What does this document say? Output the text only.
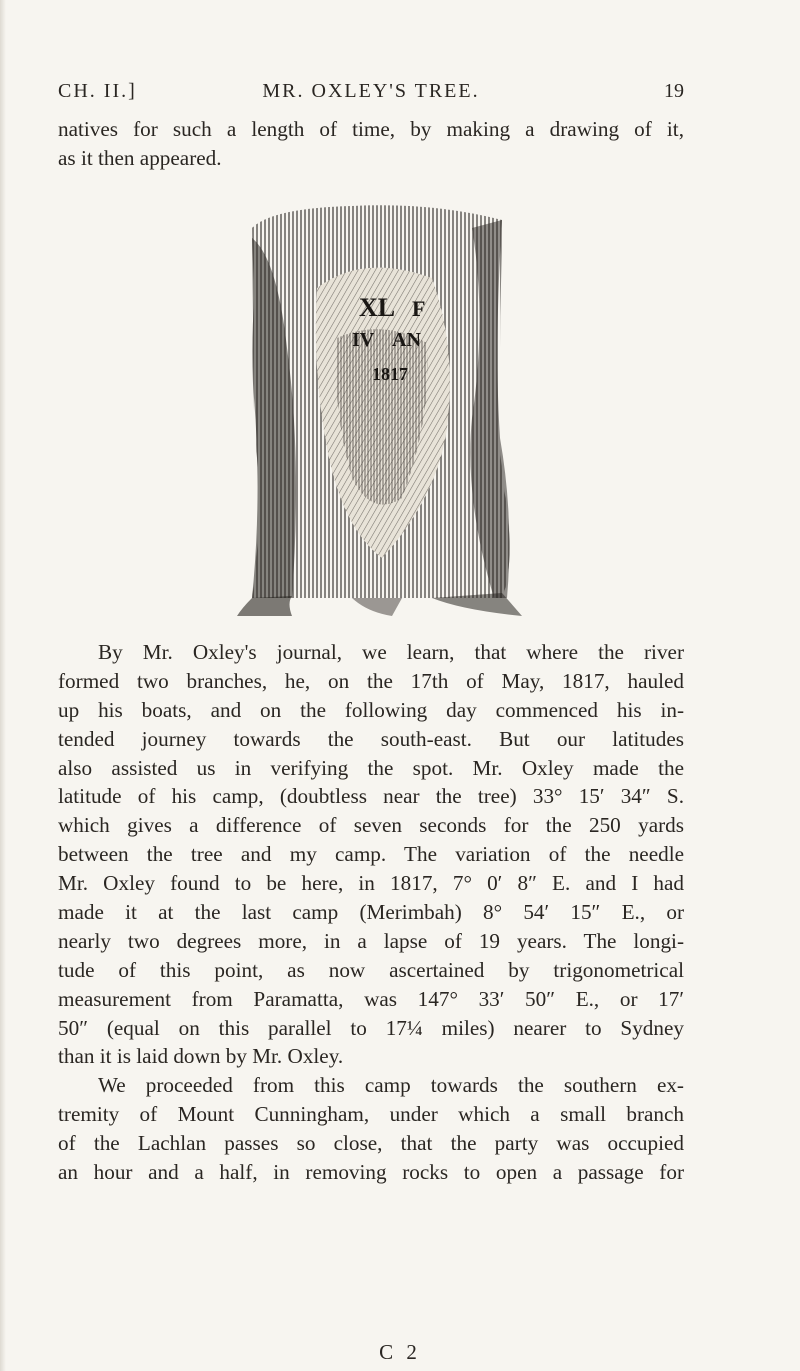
CH. II.]	MR. OXLEY'S TREE.	19
natives for such a length of time, by making a drawing of it,
as it then appeared.
XL F
IV AN
1817
By Mr. Oxley's journal, we learn, that where the river
formed two branches, he, on the 17th of May, 1817, hauled
up his boats, and on the following day commenced his in-
tended journey towards the south-east. But our latitudes
also assisted us in verifying the spot. Mr. Oxley made the
latitude of his camp, (doubtless near the tree) 33° 15′ 34″ S.
which gives a difference of seven seconds for the 250 yards
between the tree and my camp. The variation of the needle
Mr. Oxley found to be here, in 1817, 7° 0′ 8″ E. and I had
made it at the last camp (Merimbah) 8° 54′ 15″ E., or
nearly two degrees more, in a lapse of 19 years. The longi-
tude of this point, as now ascertained by trigonometrical
measurement from Paramatta, was 147° 33′ 50″ E., or 17′
50″ (equal on this parallel to 17¼ miles) nearer to Sydney
than it is laid down by Mr. Oxley.
We proceeded from this camp towards the southern ex-
tremity of Mount Cunningham, under which a small branch
of the Lachlan passes so close, that the party was occupied
an hour and a half, in removing rocks to open a passage for
C 2
